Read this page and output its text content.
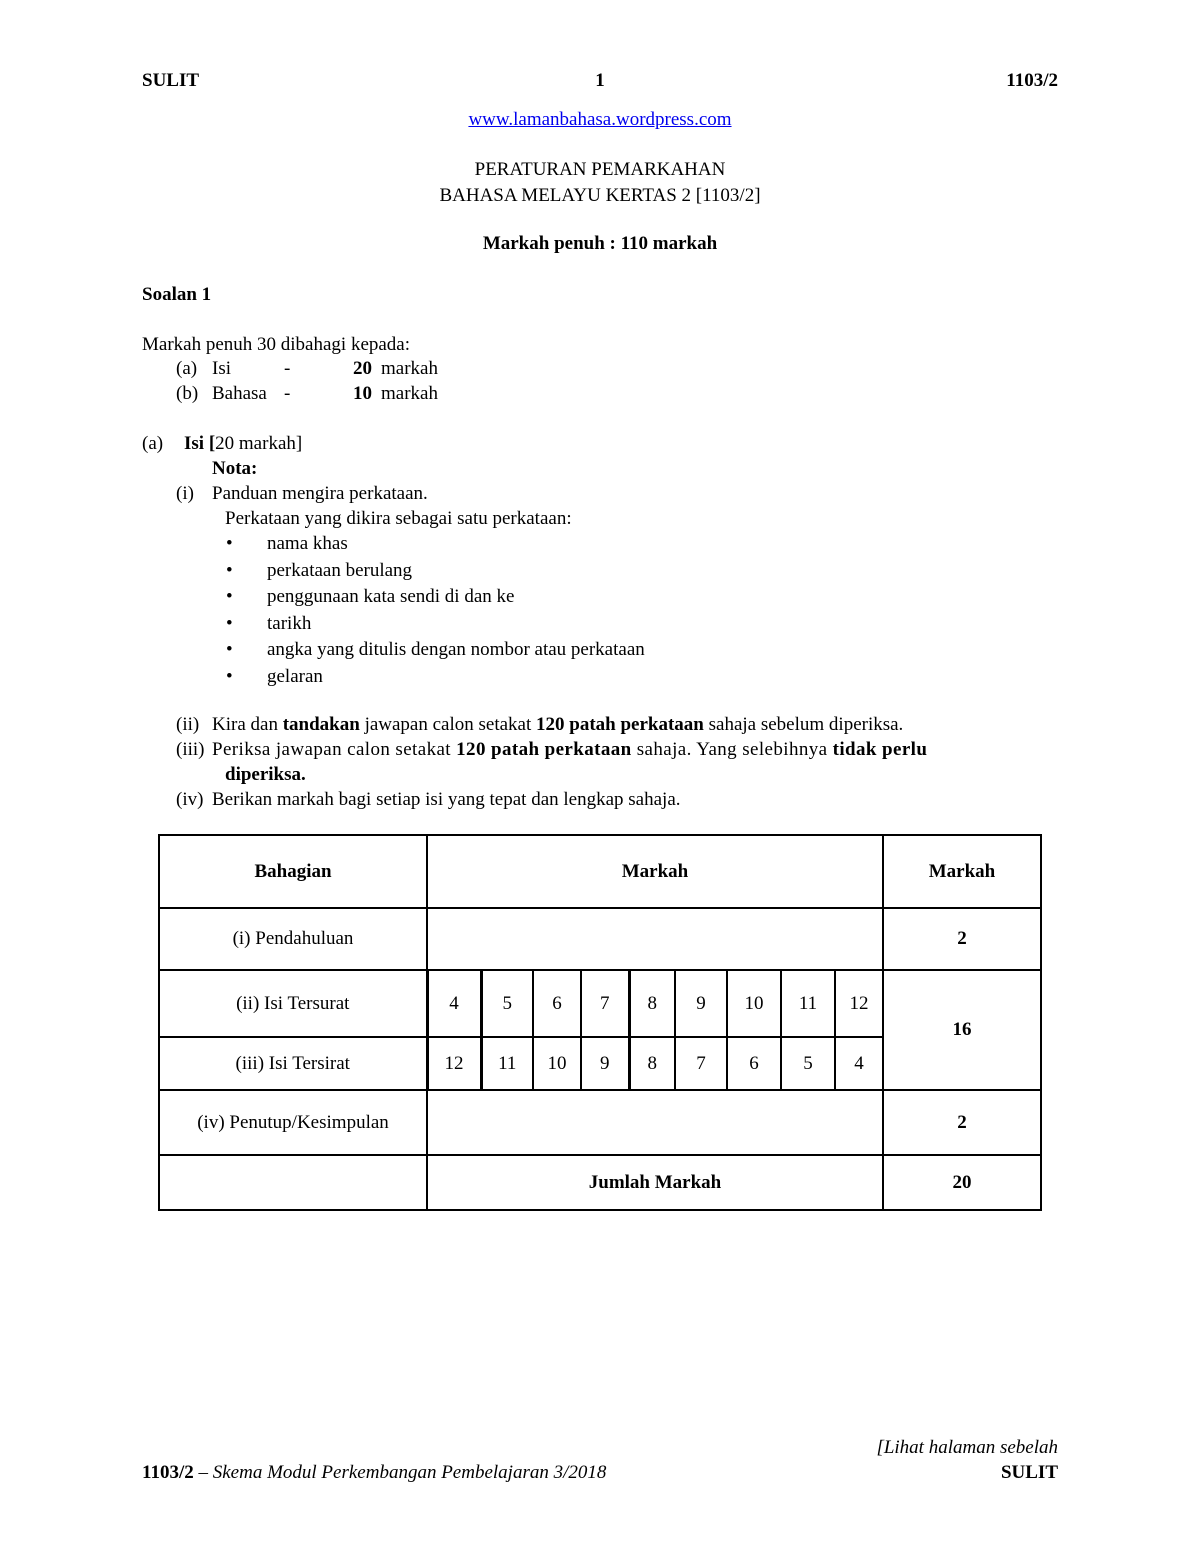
SULIT	1	1103/2
www.lamanbahasa.wordpress.com
PERATURAN PEMARKAHAN
BAHASA MELAYU KERTAS 2 [1103/2]
Markah penuh : 110 markah
Soalan 1
Markah penuh 30 dibahagi kepada:
(a) Isi	-	20 markah
(b) Bahasa -	10 markah
(a) Isi [20 markah]
Nota:
(i) Panduan mengira perkataan.
Perkataan yang dikira sebagai satu perkataan:
• nama khas
• perkataan berulang
• penggunaan kata sendi di dan ke
• tarikh
• angka yang ditulis dengan nombor atau perkataan
• gelaran
(ii) Kira dan tandakan jawapan calon setakat 120 patah perkataan sahaja sebelum diperiksa.
(iii) Periksa jawapan calon setakat 120 patah perkataan sahaja. Yang selebihnya tidak perlu
diperiksa.
(iv) Berikan markah bagi setiap isi yang tepat dan lengkap sahaja.
Bahagian	Markah									Markah
(i) Pendahuluan										2
(ii) Isi Tersurat	4	5	6	7	8	9	10	11	12	16
(iii) Isi Tersirat	12	11	10	9	8	7	6	5	4	
(iv) Penutup/Kesimpulan										2
	Jumlah Markah									20
[Lihat halaman sebelah
1103/2 – Skema Modul Perkembangan Pembelajaran 3/2018	SULIT
